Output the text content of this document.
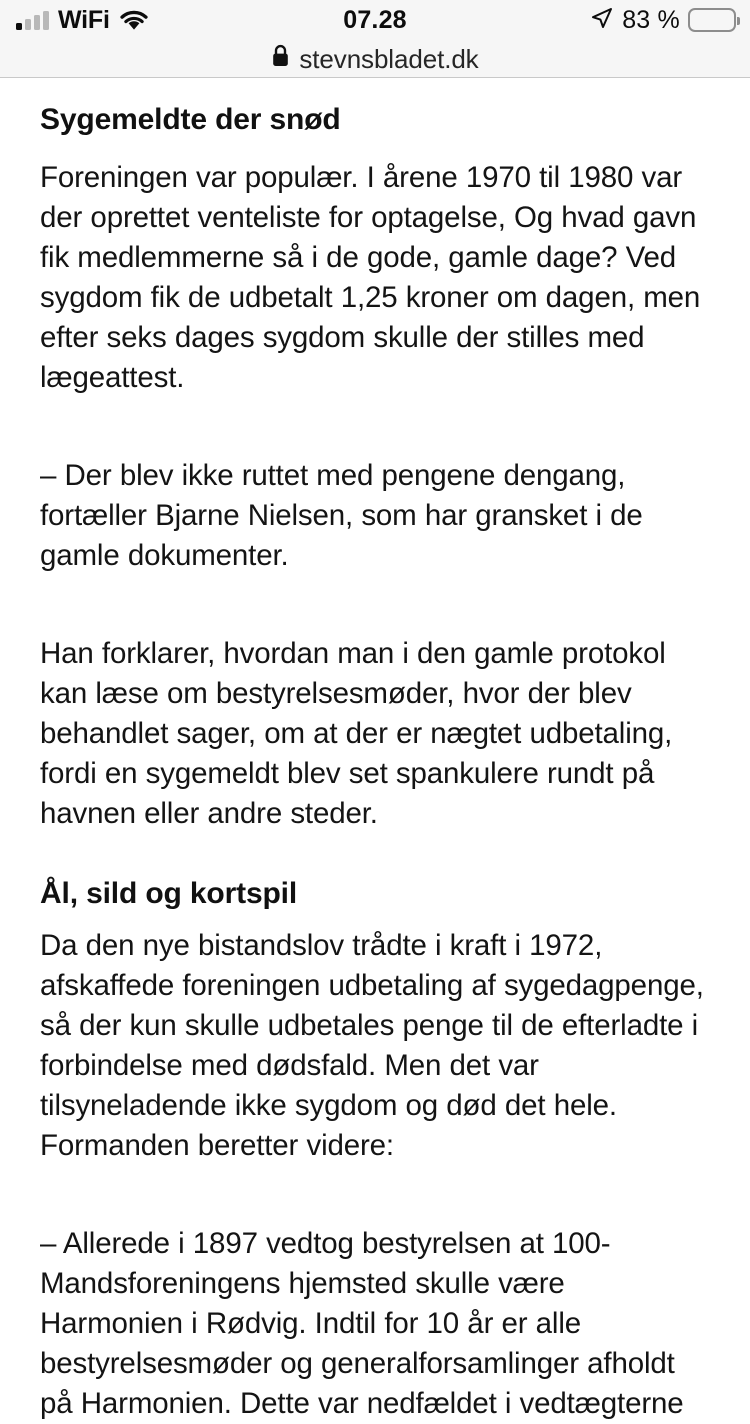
WiFi	07.28	83 %
stevnsbladet.dk
Sygemeldte der snød

Foreningen var populær. I årene 1970 til 1980 var der oprettet venteliste for optagelse, Og hvad gavn fik medlemmerne så i de gode, gamle dage? Ved sygdom fik de udbetalt 1,25 kroner om dagen, men efter seks dages sygdom skulle der stilles med lægeattest.

– Der blev ikke ruttet med pengene dengang, fortæller Bjarne Nielsen, som har gransket i de gamle dokumenter.

Han forklarer, hvordan man i den gamle protokol kan læse om bestyrelsesmøder, hvor der blev behandlet sager, om at der er nægtet udbetaling, fordi en sygemeldt blev set spankulere rundt på havnen eller andre steder.

Ål, sild og kortspil

Da den nye bistandslov trådte i kraft i 1972, afskaffede foreningen udbetaling af sygedagpenge, så der kun skulle udbetales penge til de efterladte i forbindelse med dødsfald. Men det var tilsyneladende ikke sygdom og død det hele. Formanden beretter videre:

– Allerede i 1897 vedtog bestyrelsen at 100-Mandsforeningens hjemsted skulle være Harmonien i Rødvig. Indtil for 10 år er alle bestyrelsesmøder og generalforsamlinger afholdt på Harmonien. Dette var nedfældet i vedtægterne
